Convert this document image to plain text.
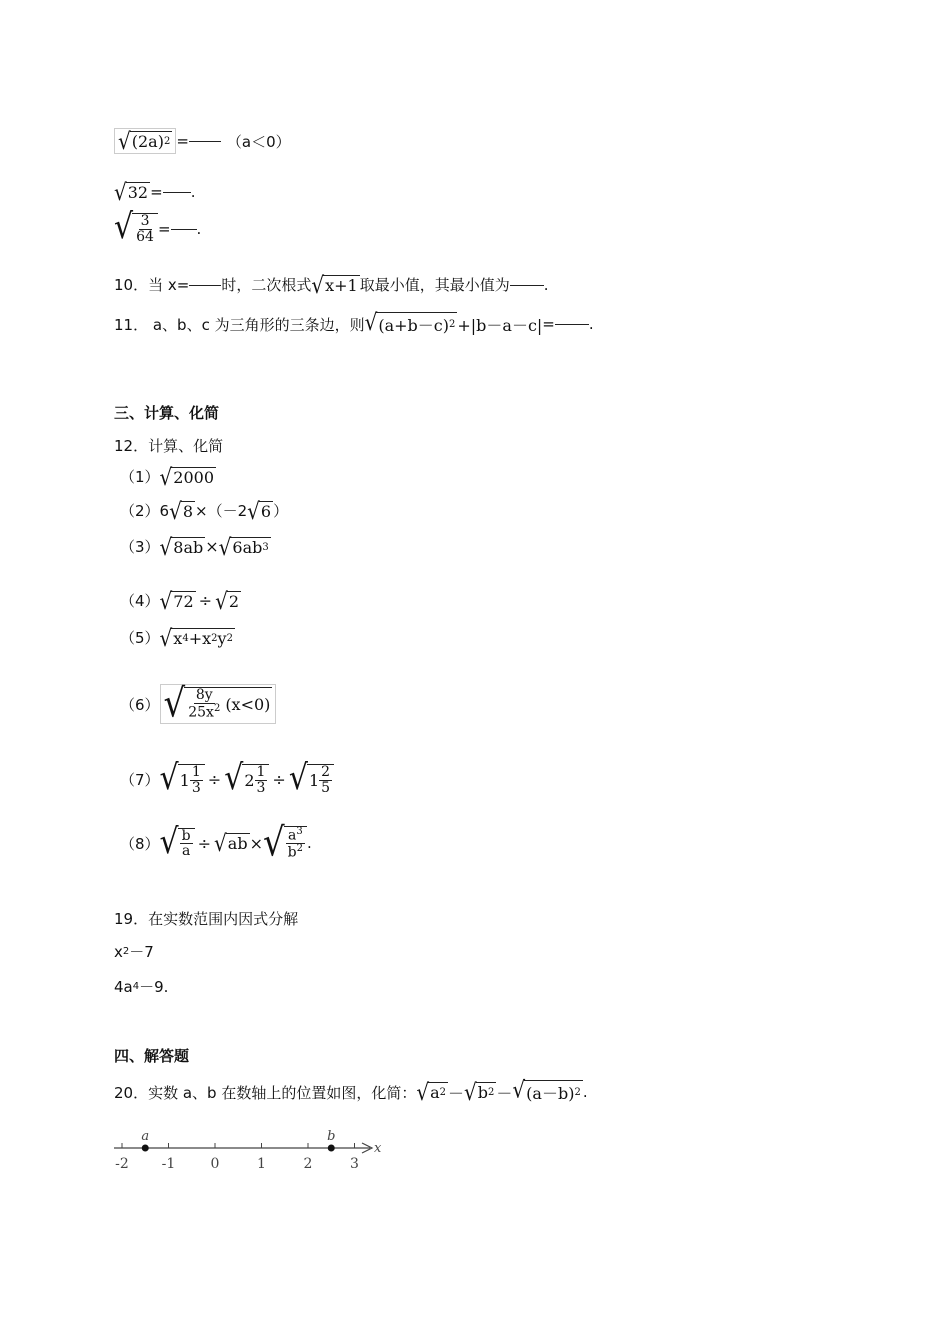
√ (2a) 2 =	（a＜0）
√ 32 = .
√ $\frac{3}{64}$ = .
10．当 x= 时，二次根式 √ x+1 取最小值，其最小值为 .
11． a、b、c 为三角形的三条边，则 √ (a+b－c) 2 +|b－a－c| = .
三、计算、化简
12．计算、化简
（1） √ 2000
（2） 6 √ 8 ×（－2 √ 6 ）
（3） √ 8ab × √ 6ab 3
（4） √ 72 ÷ √ 2
（5） √ x 4 +x 2 y 2
（6） √ $\frac{8y}{25x^2} (x<0)$
（7） √ $1 \frac{1}{3}$ ÷ √ $2 \frac{1}{3}$ ÷ √ $1 \frac{2}{5}$
（8） √ $\frac{b}{a}$ ÷ √ ab × √ $\frac{a^3}{b^2}$ .
19．在实数范围内因式分解
x 2 －7
4a 4 －9.
四、解答题
20．实数 a、b 在数轴上的位置如图，化简： √ a 2 － √ b 2 － √ (a－b) 2 .
x
-2 -1	0	1	2	3
a	b
